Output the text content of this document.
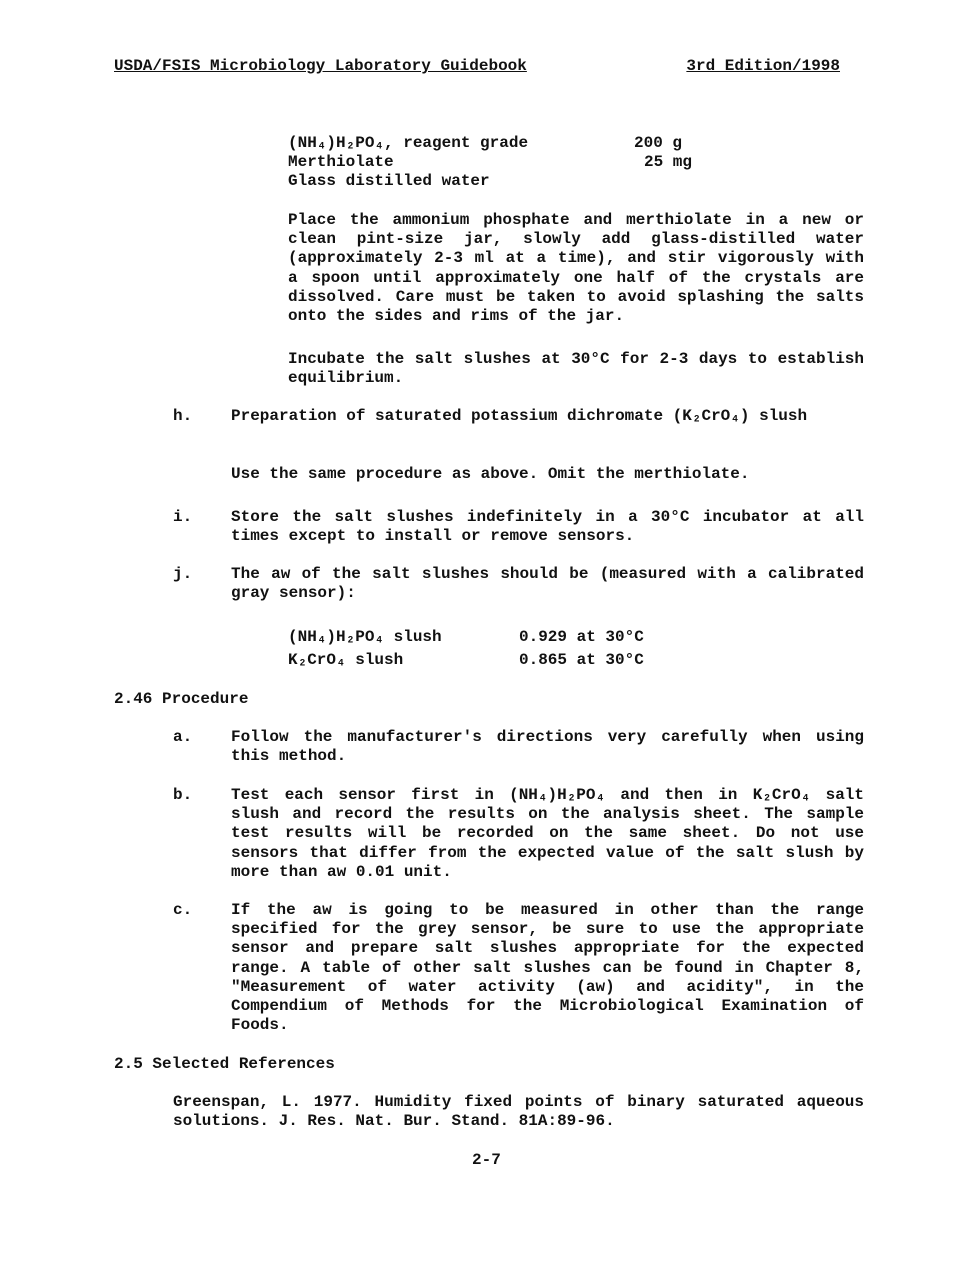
USDA/FSIS Microbiology Laboratory Guidebook	3rd Edition/1998
(NH₄)H₂PO₄, reagent grade	200 g
Merthiolate	25 mg
Glass distilled water

Place the ammonium phosphate and merthiolate in a new or clean pint-size jar, slowly add glass-distilled water (approximately 2-3 ml at a time), and stir vigorously with a spoon until approximately one half of the crystals are dissolved. Care must be taken to avoid splashing the salts onto the sides and rims of the jar.

Incubate the salt slushes at 30°C for 2-3 days to establish equilibrium.

h. Preparation of saturated potassium dichromate (K₂CrO₄) slush

Use the same procedure as above. Omit the merthiolate.
i. Store the salt slushes indefinitely in a 30°C incubator at all times except to install or remove sensors.

j. The aw of the salt slushes should be (measured with a calibrated gray sensor):

(NH₄)H₂PO₄ slush	0.929 at 30°C
K₂CrO₄ slush	0.865 at 30°C
2.46 Procedure
a. Follow the manufacturer's directions very carefully when using this method.

b. Test each sensor first in (NH₄)H₂PO₄ and then in K₂CrO₄ salt slush and record the results on the analysis sheet. The sample test results will be recorded on the same sheet. Do not use sensors that differ from the expected value of the salt slush by more than aw 0.01 unit.

c. If the aw is going to be measured in other than the range specified for the grey sensor, be sure to use the appropriate sensor and prepare salt slushes appropriate for the expected range. A table of other salt slushes can be found in Chapter 8, "Measurement of water activity (aw) and acidity", in the Compendium of Methods for the Microbiological Examination of Foods.

2.5 Selected References

Greenspan, L. 1977. Humidity fixed points of binary saturated aqueous solutions. J. Res. Nat. Bur. Stand. 81A:89-96.

2-7
